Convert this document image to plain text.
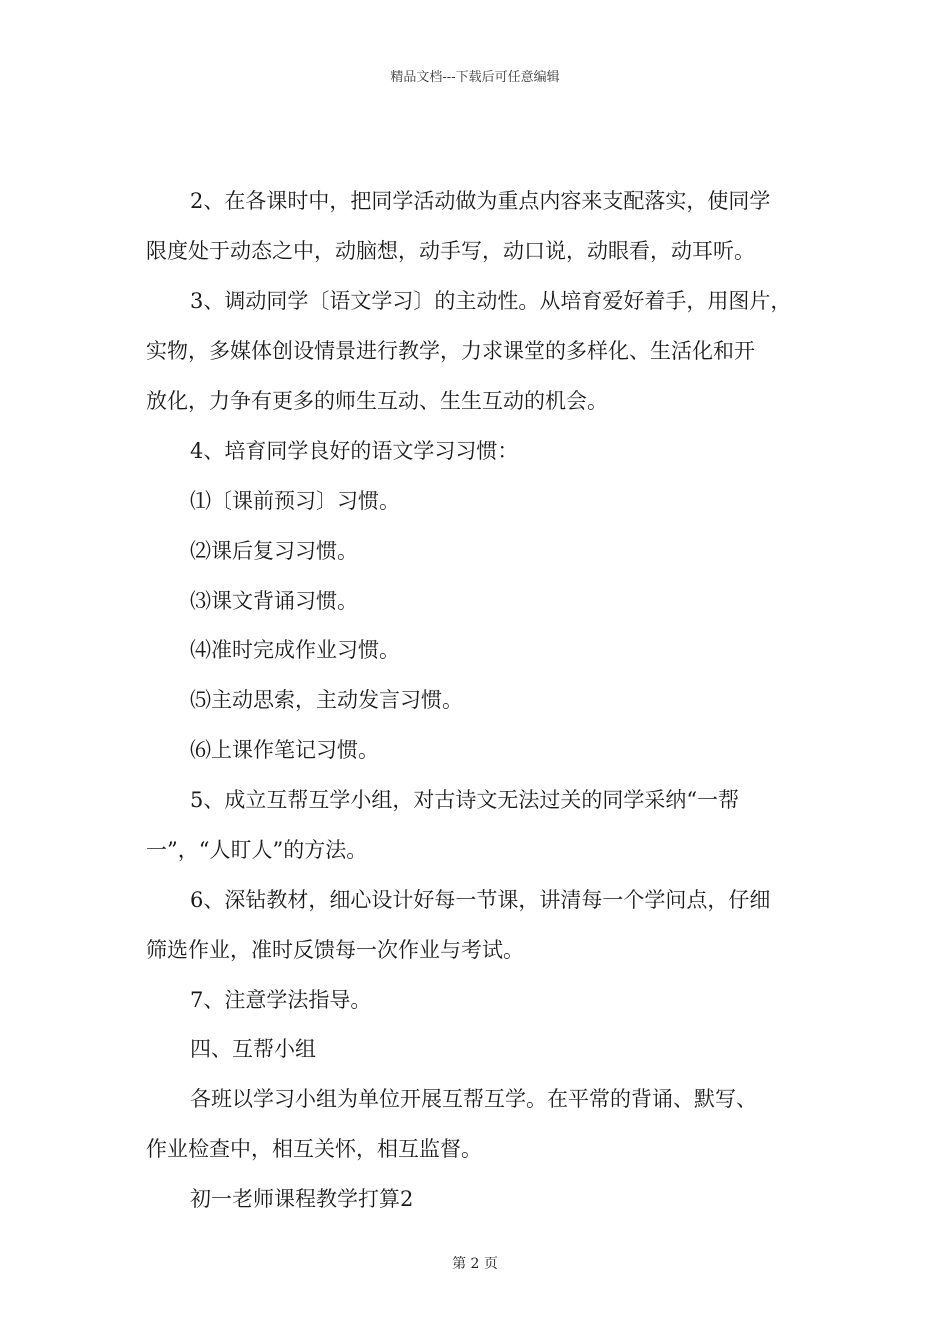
精品文档---下载后可任意编辑
2、在各课时中，把同学活动做为重点内容来支配落实，使同学
限度处于动态之中，动脑想，动手写，动口说，动眼看，动耳听。
3、调动同学〔语文学习〕的主动性。从培育爱好着手，用图片，
实物，多媒体创设情景进行教学，力求课堂的多样化、生活化和开
放化，力争有更多的师生互动、生生互动的机会。
4、培育同学良好的语文学习习惯：
⑴〔课前预习〕习惯。
⑵课后复习习惯。
⑶课文背诵习惯。
⑷准时完成作业习惯。
⑸主动思索，主动发言习惯。
⑹上课作笔记习惯。
5、成立互帮互学小组，对古诗文无法过关的同学采纳“一帮
一”，“人盯人”的方法。
6、深钻教材，细心设计好每一节课，讲清每一个学问点，仔细
筛选作业，准时反馈每一次作业与考试。
7、注意学法指导。
四、互帮小组
各班以学习小组为单位开展互帮互学。在平常的背诵、默写、
作业检查中，相互关怀，相互监督。
初一老师课程教学打算2
第 2 页
